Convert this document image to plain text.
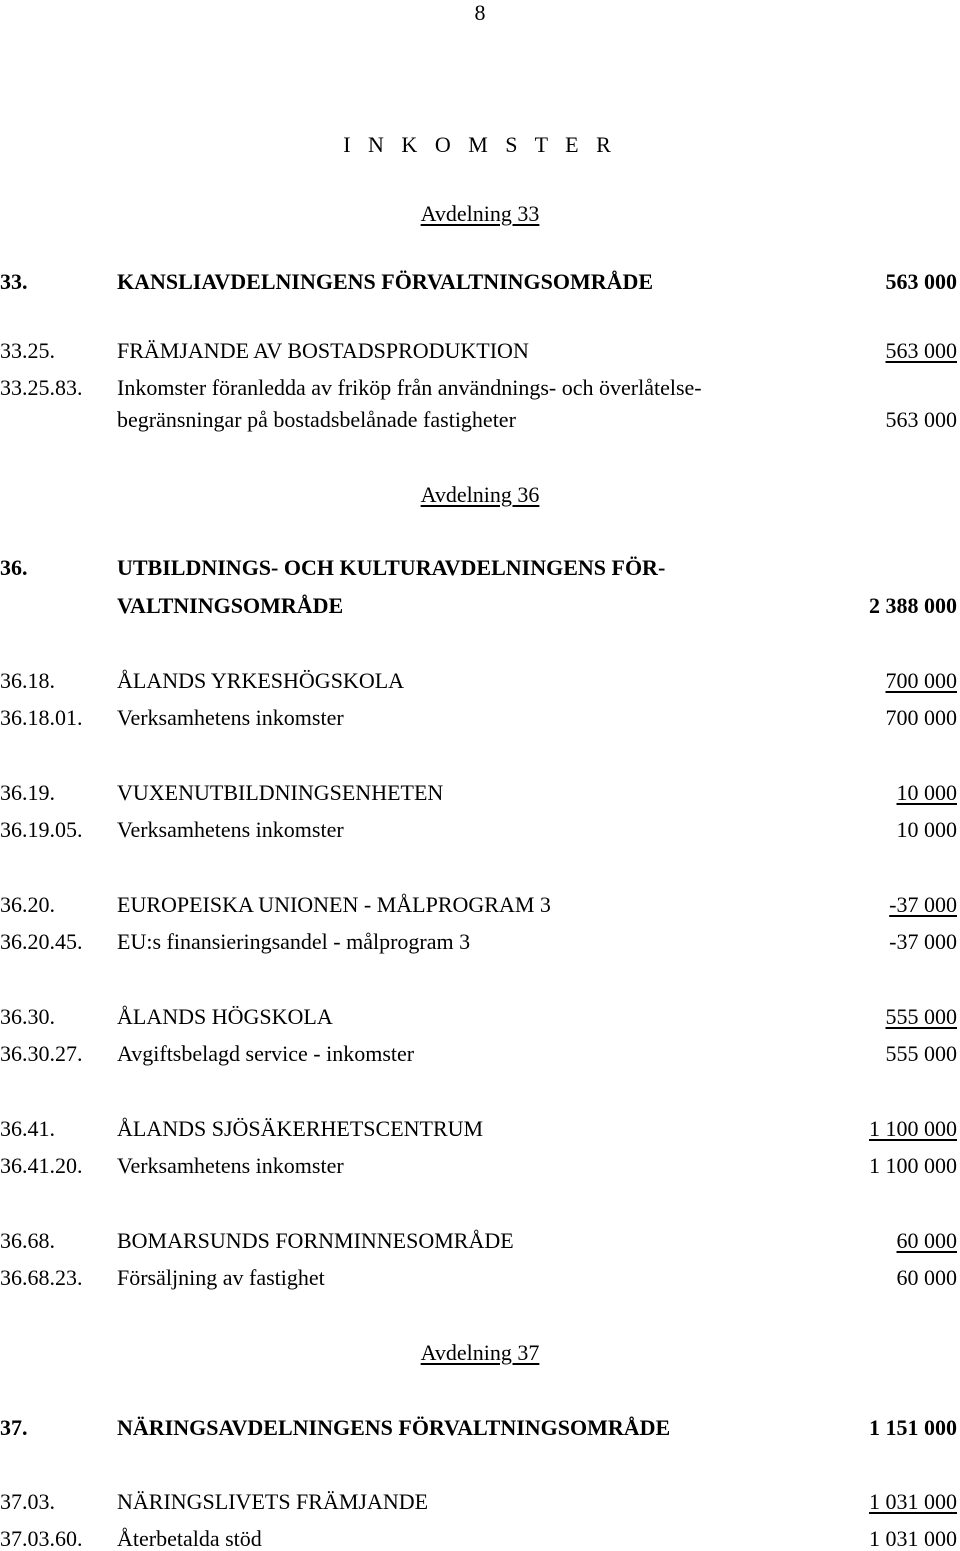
8
I N K O M S T E R
Avdelning 33
33.	KANSLIAVDELNINGENS FÖRVALTNINGSOMRÅDE	563 000
33.25.	FRÄMJANDE AV BOSTADSPRODUKTION	563 000
33.25.83. Inkomster föranledda av friköp från användnings- och överlåtelse-
begränsningar på bostadsbelånade fastigheter	563 000
Avdelning 36
36.	UTBILDNINGS- OCH KULTURAVDELNINGENS FÖR-
VALTNINGSOMRÅDE	2 388 000
36.18.	ÅLANDS YRKESHÖGSKOLA	700 000
36.18.01. Verksamhetens inkomster	700 000
36.19.	VUXENUTBILDNINGSENHETEN	10 000
36.19.05. Verksamhetens inkomster	10 000
36.20.	EUROPEISKA UNIONEN - MÅLPROGRAM 3	-37 000
36.20.45. EU:s finansieringsandel - målprogram 3	-37 000
36.30.	ÅLANDS HÖGSKOLA	555 000
36.30.27. Avgiftsbelagd service - inkomster	555 000
36.41.	ÅLANDS SJÖSÄKERHETSCENTRUM	1 100 000
36.41.20. Verksamhetens inkomster	1 100 000
36.68.	BOMARSUNDS FORNMINNESOMRÅDE	60 000
36.68.23. Försäljning av fastighet	60 000
Avdelning 37
37.	NÄRINGSAVDELNINGENS FÖRVALTNINGSOMRÅDE	1 151 000
37.03.	NÄRINGSLIVETS FRÄMJANDE	1 031 000
37.03.60. Återbetalda stöd	1 031 000
